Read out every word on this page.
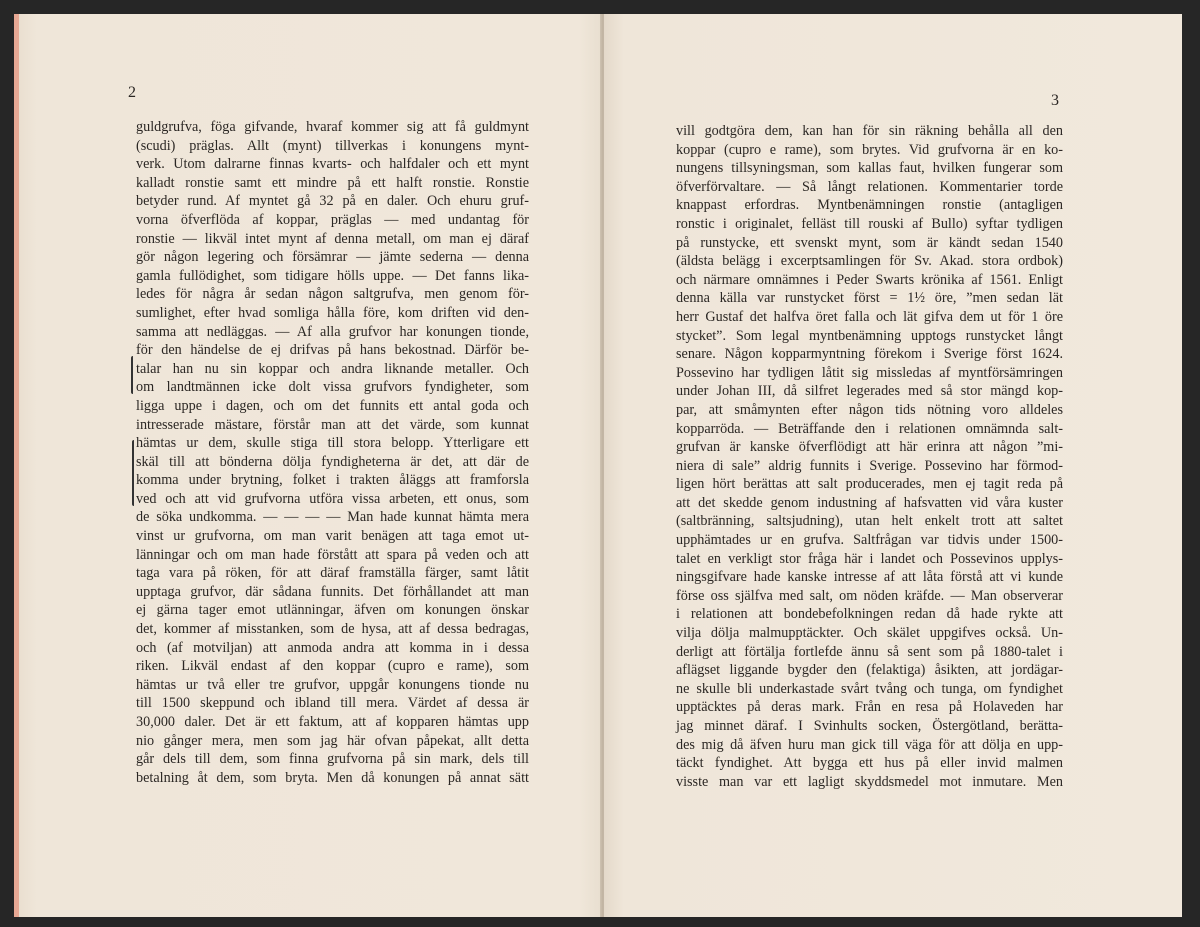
2	3
guldgrufva, föga gifvande, hvaraf kommer sig att få guldmynt
(scudi) präglas. Allt (mynt) tillverkas i konungens mynt-
verk. Utom dalrarne finnas kvarts- och halfdaler och ett mynt
kalladt ronstie samt ett mindre på ett halft ronstie. Ronstie
betyder rund. Af myntet gå 32 på en daler. Och ehuru gruf-
vorna öfverflöda af koppar, präglas — med undantag för
ronstie — likväl intet mynt af denna metall, om man ej däraf
gör någon legering och försämrar — jämte sederna — denna
gamla fullödighet, som tidigare hölls uppe. — Det fanns lika-
ledes för några år sedan någon saltgrufva, men genom för-
sumlighet, efter hvad somliga hålla före, kom driften vid den-
samma att nedläggas. — Af alla grufvor har konungen tionde,
för den händelse de ej drifvas på hans bekostnad. Därför be-
talar han nu sin koppar och andra liknande metaller. Och
om landtmännen icke dolt vissa grufvors fyndigheter, som
ligga uppe i dagen, och om det funnits ett antal goda och
intresserade mästare, förstår man att det värde, som kunnat
hämtas ur dem, skulle stiga till stora belopp. Ytterligare ett
skäl till att bönderna dölja fyndigheterna är det, att där de
komma under brytning, folket i trakten åläggs att framforsla
ved och att vid grufvorna utföra vissa arbeten, ett onus, som
de söka undkomma. — — — — Man hade kunnat hämta mera
vinst ur grufvorna, om man varit benägen att taga emot ut-
länningar och om man hade förstått att spara på veden och att
taga vara på röken, för att däraf framställa färger, samt låtit
upptaga grufvor, där sådana funnits. Det förhållandet att man
ej gärna tager emot utlänningar, äfven om konungen önskar
det, kommer af misstanken, som de hysa, att af dessa bedragas,
och (af motviljan) att anmoda andra att komma in i dessa
riken. Likväl endast af den koppar (cupro e rame), som
hämtas ur två eller tre grufvor, uppgår konungens tionde nu
till 1500 skeppund och ibland till mera. Värdet af dessa är
30,000 daler. Det är ett faktum, att af kopparen hämtas upp
nio gånger mera, men som jag här ofvan påpekat, allt detta
går dels till dem, som finna grufvorna på sin mark, dels till
betalning åt dem, som bryta. Men då konungen på annat sätt
vill godtgöra dem, kan han för sin räkning behålla all den
koppar (cupro e rame), som brytes. Vid grufvorna är en ko-
nungens tillsyningsman, som kallas faut, hvilken fungerar som
öfverförvaltare. — Så långt relationen. Kommentarier torde
knappast erfordras. Myntbenämningen ronstie (antagligen
ronstic i originalet, felläst till rouski af Bullo) syftar tydligen
på runstycke, ett svenskt mynt, som är kändt sedan 1540
(äldsta belägg i excerptsamlingen för Sv. Akad. stora ordbok)
och närmare omnämnes i Peder Swarts krönika af 1561. Enligt
denna källa var runstycket först = 1½ öre, ”men sedan lät
herr Gustaf det halfva öret falla och lät gifva dem ut för 1 öre
stycket”. Som legal myntbenämning upptogs runstycket långt
senare. Någon kopparmyntning förekom i Sverige först 1624.
Possevino har tydligen låtit sig missledas af myntförsämringen
under Johan III, då silfret legerades med så stor mängd kop-
par, att småmynten efter någon tids nötning voro alldeles
kopparröda. — Beträffande den i relationen omnämnda salt-
grufvan är kanske öfverflödigt att här erinra att någon ”mi-
niera di sale” aldrig funnits i Sverige. Possevino har förmod-
ligen hört berättas att salt producerades, men ej tagit reda på
att det skedde genom industning af hafsvatten vid våra kuster
(saltbränning, saltsjudning), utan helt enkelt trott att saltet
upphämtades ur en grufva. Saltfrågan var tidvis under 1500-
talet en verkligt stor fråga här i landet och Possevinos upplys-
ningsgifvare hade kanske intresse af att låta förstå att vi kunde
förse oss själfva med salt, om nöden kräfde. — Man observerar
i relationen att bondebefolkningen redan då hade rykte att
vilja dölja malmupptäckter. Och skälet uppgifves också. Un-
derligt att förtälja fortlefde ännu så sent som på 1880-talet i
aflägset liggande bygder den (felaktiga) åsikten, att jordägar-
ne skulle bli underkastade svårt tvång och tunga, om fyndighet
upptäcktes på deras mark. Från en resa på Holaveden har
jag minnet däraf. I Svinhults socken, Östergötland, berätta-
des mig då äfven huru man gick till väga för att dölja en upp-
täckt fyndighet. Att bygga ett hus på eller invid malmen
visste man var ett lagligt skyddsmedel mot inmutare. Men
